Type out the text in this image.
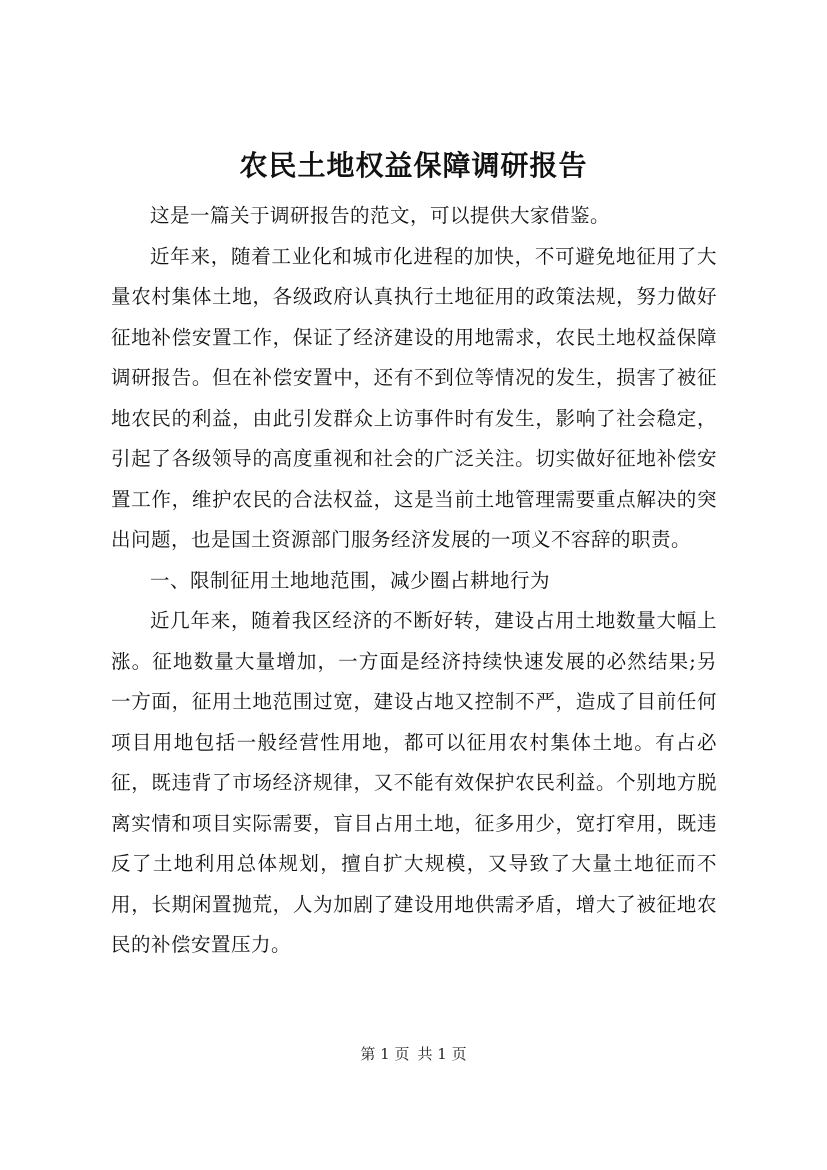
农民土地权益保障调研报告

这是一篇关于调研报告的范文，可以提供大家借鉴。

近年来，随着工业化和城市化进程的加快，不可避免地征用了大量农村集体土地，各级政府认真执行土地征用的政策法规，努力做好征地补偿安置工作，保证了经济建设的用地需求，农民土地权益保障调研报告。但在补偿安置中，还有不到位等情况的发生，损害了被征地农民的利益，由此引发群众上访事件时有发生，影响了社会稳定，引起了各级领导的高度重视和社会的广泛关注。切实做好征地补偿安置工作，维护农民的合法权益，这是当前土地管理需要重点解决的突出问题，也是国土资源部门服务经济发展的一项义不容辞的职责。

一、限制征用土地地范围，减少圈占耕地行为

近几年来，随着我区经济的不断好转，建设占用土地数量大幅上涨。征地数量大量增加，一方面是经济持续快速发展的必然结果;另一方面，征用土地范围过宽，建设占地又控制不严，造成了目前任何项目用地包括一般经营性用地，都可以征用农村集体土地。有占必征，既违背了市场经济规律，又不能有效保护农民利益。个别地方脱离实情和项目实际需要，盲目占用土地，征多用少，宽打窄用，既违反了土地利用总体规划，擅自扩大规模，又导致了大量土地征而不用，长期闲置抛荒，人为加剧了建设用地供需矛盾，增大了被征地农民的补偿安置压力。

第 1 页 共 1 页
